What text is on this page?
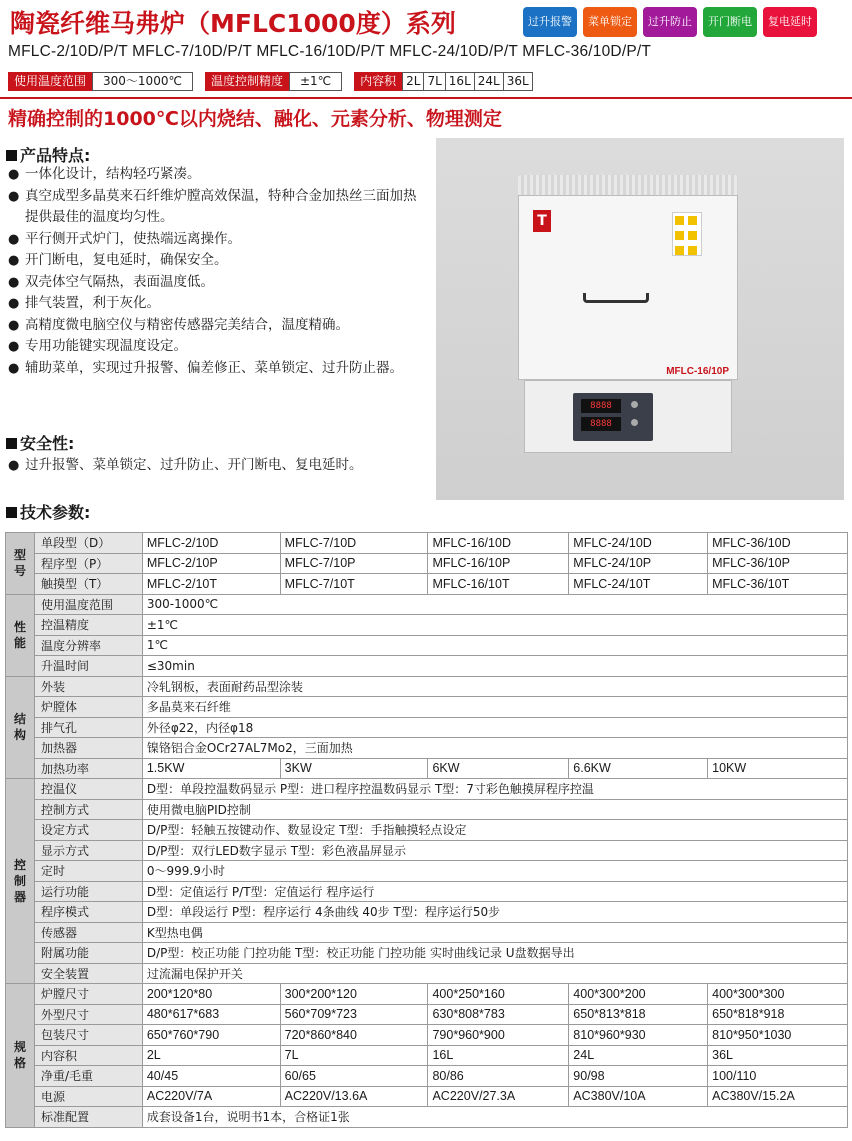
陶瓷纤维马弗炉（MFLC1000度）系列	过升报警	菜单锁定	过升防止	开门断电	复电延时
MFLC-2/10D/P/T MFLC-7/10D/P/T MFLC-16/10D/P/T MFLC-24/10D/P/T MFLC-36/10D/P/T
使用温度范围	300～1000℃	温度控制精度	±1℃	内容积 2L 7L 16L 24L 36L
精确控制的1000℃以内烧结、融化、元素分析、物理测定
产品特点:
● 一体化设计，结构轻巧紧凑。
● 真空成型多晶莫来石纤维炉膛高效保温，特种合金加热丝三面加热提供最佳的温度均匀性。
● 平行侧开式炉门，使热端远离操作。
● 开门断电，复电延时，确保安全。
● 双壳体空气隔热，表面温度低。
● 排气装置，利于灰化。
● 高精度微电脑空仪与精密传感器完美结合，温度精确。
● 专用功能键实现温度设定。
● 辅助菜单，实现过升报警、偏差修正、菜单锁定、过升防止器。
安全性:
● 过升报警、菜单锁定、过升防止、开门断电、复电延时。
T
MFLC-16/10P
8888
8888
技术参数:
型号	单段型（D）	MFLC-2/10D	MFLC-7/10D	MFLC-16/10D	MFLC-24/10D	MFLC-36/10D
	程序型（P）	MFLC-2/10P	MFLC-7/10P	MFLC-16/10P	MFLC-24/10P	MFLC-36/10P
	触摸型（T）	MFLC-2/10T	MFLC-7/10T	MFLC-16/10T	MFLC-24/10T	MFLC-36/10T
性能	使用温度范围	300-1000℃				
	控温精度	±1℃				
	温度分辨率	1℃				
	升温时间	≤30min				
结构	外装	冷轧钢板，表面耐药品型涂装				
	炉膛体	多晶莫来石纤维				
	排气孔	外径φ22，内径φ18				
	加热器	镍铬铝合金OCr27AL7Mo2，三面加热				
	加热功率	1.5KW	3KW	6KW	6.6KW	10KW
控制器	控温仪	D型：单段控温数码显示 P型：进口程序控温数码显示 T型：7寸彩色触摸屏程序控温				
	控制方式	使用微电脑PID控制				
	设定方式	D/P型：轻触五按键动作、数显设定 T型：手指触摸轻点设定				
	显示方式	D/P型：双行LED数字显示 T型：彩色液晶屏显示				
	定时	0～999.9小时				
	运行功能	D型：定值运行 P/T型：定值运行 程序运行				
	程序模式	D型：单段运行 P型：程序运行 4条曲线 40步 T型：程序运行50步				
	传感器	K型热电偶				
	附属功能	D/P型：校正功能 门控功能 T型：校正功能 门控功能 实时曲线记录 U盘数据导出				
	安全装置	过流漏电保护开关				
规格	炉膛尺寸	200*120*80	300*200*120	400*250*160	400*300*200	400*300*300
	外型尺寸	480*617*683	560*709*723	630*808*783	650*813*818	650*818*918
	包装尺寸	650*760*790	720*860*840	790*960*900	810*960*930	810*950*1030
	内容积	2L	7L	16L	24L	36L
	净重/毛重	40/45	60/65	80/86	90/98	100/110
	电源	AC220V/7A	AC220V/13.6A	AC220V/27.3A	AC380V/10A	AC380V/15.2A
	标准配置	成套设备1台，说明书1本，合格证1张				
